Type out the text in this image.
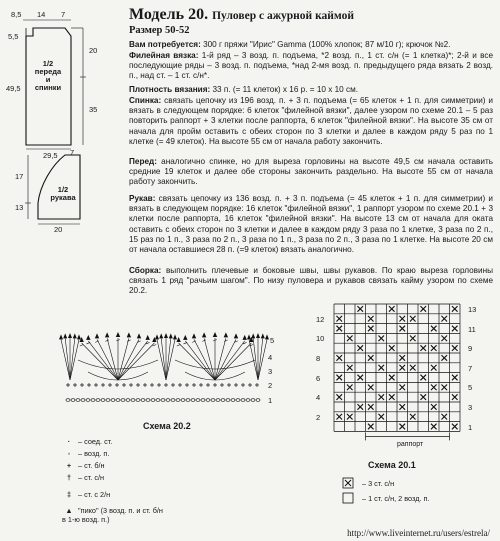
Модель 20. Пуловер с ажурной каймой
Размер 50-52
Вам потребуется: 300 г пряжи "Ирис" Gamma (100% хлопок; 87 м/10 г); крючок №2.
Филейная вязка: 1-й ряд – 3 возд. п. подъема, *2 возд. п., 1 ст. с/н (= 1 клетка)*; 2-й и все последующие ряды – 3 возд. п. подъема, *над 2-мя возд. п. предыдущего ряда вязать 2 возд. п., над ст. – 1 ст. с/н*.
Плотность вязания: 33 п. (= 11 клеток) х 16 р. = 10 х 10 см.
Спинка: связать цепочку из 196 возд. п. + 3 п. подъема (= 65 клеток + 1 п. для симметрии) и вязать в следующем порядке: 6 клеток "филейной вязки", далее узором по схеме 20.1 – 5 раз повторить раппорт + 3 клетки после раппорта, 6 клеток "филейной вязки". На высоте 35 см от начала для пройм оставить с обеих сторон по 3 клетки и далее в каждом ряду 5 раз по 1 клетке (= 49 клеток). На высоте 55 см от начала работу закончить.
Перед: аналогично спинке, но для выреза горловины на высоте 49,5 см начала оставить средние 19 клеток и далее обе стороны закончить раздельно. На высоте 55 см от начала работу закончить.
Рукав: связать цепочку из 136 возд. п. + 3 п. подъема (= 45 клеток + 1 п. для симметрии) и вязать в следующем порядке: 16 клеток "филейной вязки", 1 раппорт узором по схеме 20.1 + 3 клетки после раппорта, 16 клеток "филейной вязки". На высоте 13 см от начала для оката оставить с обеих сторон по 3 клетки и далее в каждом ряду 3 раза по 1 клетке, 3 раза по 2 п., 15 раз по 1 п., 3 раза по 2 п., 3 раза по 1 п., 3 раза по 2 п., 3 раза по 1 клетке. На высоте 20 см от начала оставшиеся 28 п. (=9 клеток) вязать аналогично.
Сборка: выполнить плечевые и боковые швы, швы рукавов. По краю выреза горловины связать 1 ряд "рачьим шагом". По низу пуловера и рукавов связать кайму узором по схеме 20.2.
8,5 14 7
5,5
20
49,5
35
29,5
1/2 переда и спинки
17
13
7
20
1/2 рукава
5
4
3
2
1
Схема 20.2
· – соед. ст.
◦ – возд. п.
+ – ст. б/н
† – ст. с/н
‡ – ст. с 2/н
▲ "пико" (3 возд. п. и ст. б/н в 1-ю возд. п.)
Схема 20.1
раппорт
12
10
8
6
4
2
13
11
9
7
5
3
1
– 3 ст. с/н
– 1 ст. с/н, 2 возд. п.
http://www.liveinternet.ru/users/estrela/
